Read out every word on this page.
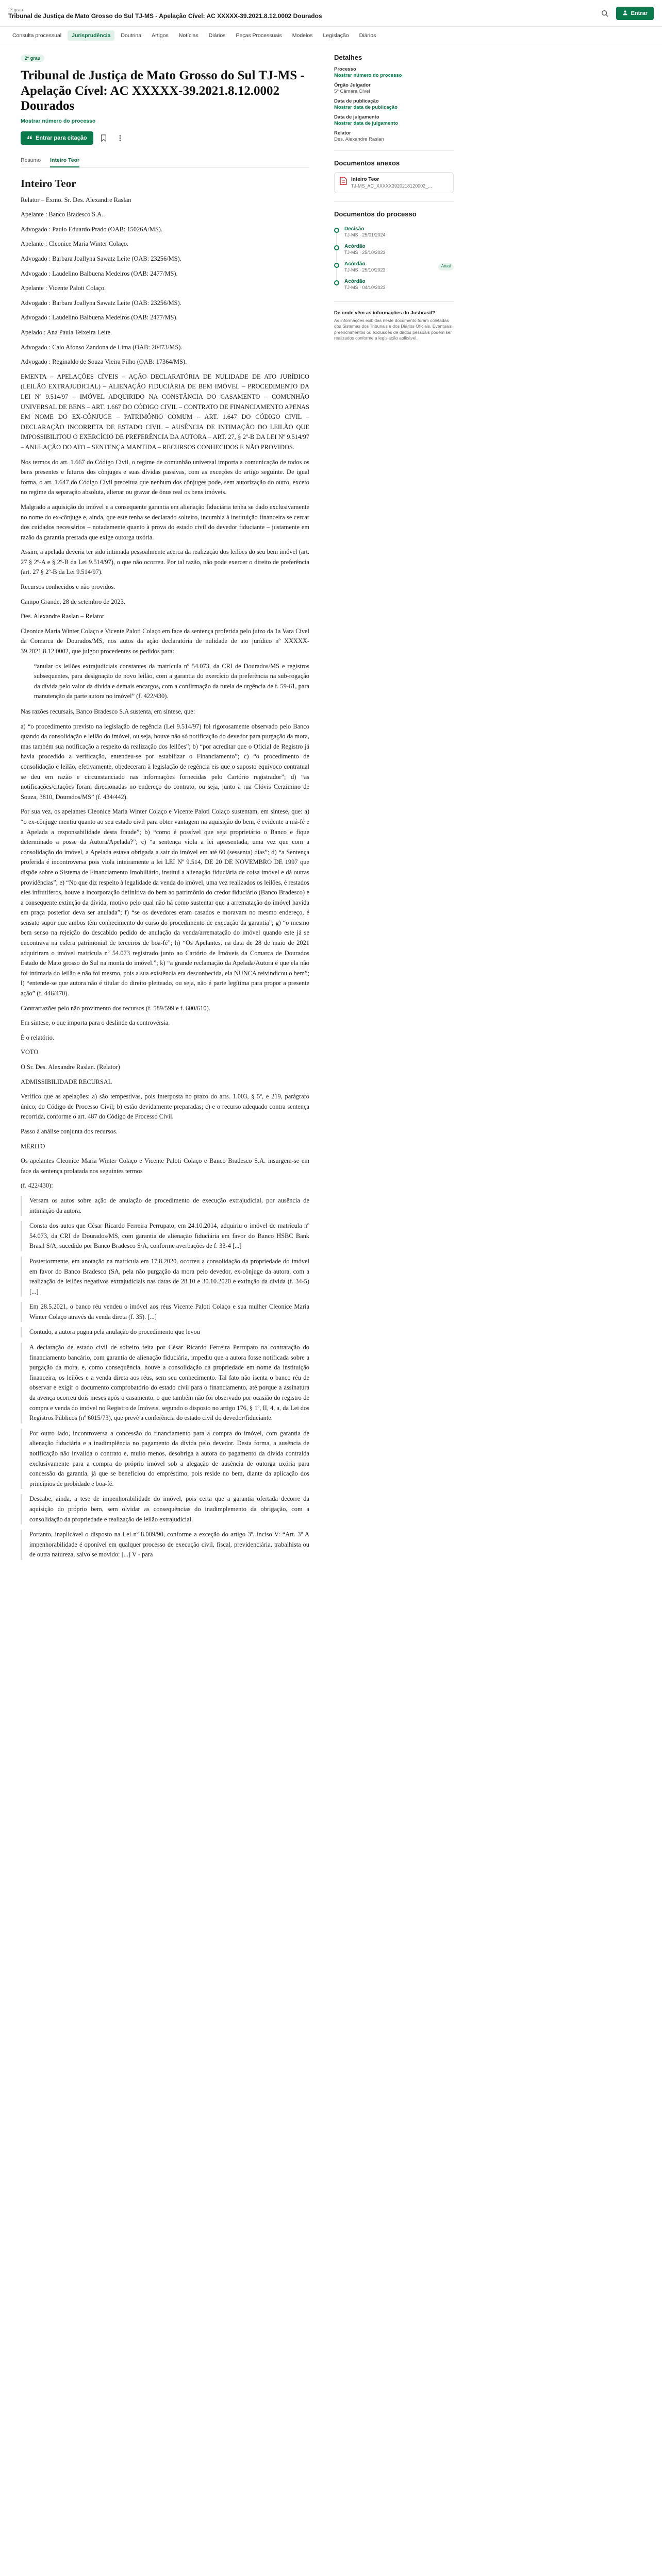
2º grau
Tribunal de Justiça de Mato Grosso do Sul TJ-MS - Apelação Cível: AC XXXXX-39.2021.8.12.0002 Dourados	Entrar
Consulta processual	Jurisprudência	Doutrina	Artigos	Notícias	Diários	Peças Processuais	Modelos	Legislação	Diários
2º grau
Tribunal de Justiça de Mato Grosso do Sul TJ-MS - Apelação Cível: AC XXXXX-39.2021.8.12.0002 Dourados
Mostrar número do processo
Entrar para citação
Resumo Inteiro Teor
Inteiro Teor

Relator – Exmo. Sr. Des. Alexandre Raslan

Apelante : Banco Bradesco S.A..

Advogado : Paulo Eduardo Prado (OAB: 15026A/MS).

Apelante : Cleonice Maria Winter Colaço.

Advogado : Barbara Joallyna Sawatz Leite (OAB: 23256/MS).

Advogado : Laudelino Balbuena Medeiros (OAB: 2477/MS).

Apelante : Vicente Paloti Colaço.

Advogado : Barbara Joallyna Sawatz Leite (OAB: 23256/MS).

Advogado : Laudelino Balbuena Medeiros (OAB: 2477/MS).

Apelado : Ana Paula Teixeira Leite.

Advogado : Caio Afonso Zandona de Lima (OAB: 20473/MS).

Advogado : Reginaldo de Souza Vieira Filho (OAB: 17364/MS).

EMENTA – APELAÇÕES CÍVEIS – AÇÃO DECLARATÓRIA DE NULIDADE DE ATO JURÍDICO (LEILÃO EXTRAJUDICIAL) – ALIENAÇÃO FIDUCIÁRIA DE BEM IMÓVEL – PROCEDIMENTO DA LEI Nº 9.514/97 – IMÓVEL ADQUIRIDO NA CONSTÂNCIA DO CASAMENTO – COMUNHÃO UNIVERSAL DE BENS – ART. 1.667 DO CÓDIGO CIVIL – CONTRATO DE FINANCIAMENTO APENAS EM NOME DO EX-CÔNJUGE – PATRIMÔNIO COMUM – ART. 1.647 DO CÓDIGO CIVIL – DECLARAÇÃO INCORRETA DE ESTADO CIVIL – AUSÊNCIA DE INTIMAÇÃO DO LEILÃO QUE IMPOSSIBILITOU O EXERCÍCIO DE PREFERÊNCIA DA AUTORA – ART. 27, § 2º-B DA LEI Nº 9.514/97 – ANULAÇÃO DO ATO – SENTENÇA MANTIDA – RECURSOS CONHECIDOS E NÃO PROVIDOS.

Nos termos do art. 1.667 do Código Civil, o regime de comunhão universal importa a comunicação de todos os bens presentes e futuros dos cônjuges e suas dívidas passivas, com as exceções do artigo seguinte. De igual forma, o art. 1.647 do Código Civil preceitua que nenhum dos cônjuges pode, sem autorização do outro, exceto no regime da separação absoluta, alienar ou gravar de ônus real os bens imóveis.

Malgrado a aquisição do imóvel e a consequente garantia em alienação fiduciária tenha se dado exclusivamente no nome do ex-cônjuge e, ainda, que este tenha se declarado solteiro, incumbia à instituição financeira se cercar dos cuidados necessários – notadamente quanto à prova do estado civil do devedor fiduciante – justamente em razão da garantia prestada que exige outorga uxória.

Assim, a apelada deveria ter sido intimada pessoalmente acerca da realização dos leilões do seu bem imóvel (art. 27 § 2º-A e § 2º-B da Lei 9.514/97), o que não ocorreu. Por tal razão, não pode exercer o direito de preferência (art. 27 § 2º-B da Lei 9.514/97).

Recursos conhecidos e não providos.

Campo Grande, 28 de setembro de 2023.

Des. Alexandre Raslan – Relator

Cleonice Maria Winter Colaço e Vicente Paloti Colaço em face da sentença proferida pelo juízo da 1a Vara Cível da Comarca de Dourados/MS, nos autos da ação declaratória de nulidade de ato jurídico nº XXXXX-39.2021.8.12.0002, que julgou procedentes os pedidos para:

“anular os leilões extrajudiciais constantes da matrícula nº 54.073, da CRI de Dourados/MS e registros subsequentes, para designação de novo leilão, com a garantia do exercício da preferência na sub-rogação da dívida pelo valor da dívida e demais encargos, com a confirmação da tutela de urgência de f. 59-61, para manutenção da parte autora no imóvel” (f. 422/430).

Nas razões recursais, Banco Bradesco S.A sustenta, em síntese, que:

a) “o procedimento previsto na legislação de regência (Lei 9.514/97) foi rigorosamente observado pelo Banco quando da consolidação e leilão do imóvel, ou seja, houve não só notificação do devedor para purgação da mora, mas também sua notificação a respeito da realização dos leilões”; b) “por acreditar que o Oficial de Registro já havia procedido a verificação, entendeu-se por estabilizar o Financiamento”; c) “o procedimento de consolidação e leilão, efetivamente, obedeceram à legislação de regência eis que o suposto equívoco contratual se deu em razão e circunstanciado nas informações fornecidas pelo Cartório registrador”; d) “as notificações/citações foram direcionadas no endereço do contrato, ou seja, junto à rua Clóvis Cerzimino de Souza, 3810, Dourados/MS” (f. 434/442).

Por sua vez, os apelantes Cleonice Maria Winter Colaço e Vicente Paloti Colaço sustentam, em síntese, que: a) “o ex-cônjuge mentiu quanto ao seu estado civil para obter vantagem na aquisição do bem, é evidente a má-fé e a Apelada a responsabilidade desta fraude”; b) “como é possível que seja proprietário o Banco e fique determinado a posse da Autora/Apelada?”; c) “a sentença viola a lei apresentada, uma vez que com a consolidação do imóvel, a Apelada estava obrigada a sair do imóvel em até 60 (sessenta) dias”; d) “a Sentença proferida é incontroversa pois viola inteiramente a lei LEI Nº 9.514, DE 20 DE NOVEMBRO DE 1997 que dispõe sobre o Sistema de Financiamento Imobiliário, institui a alienação fiduciária de coisa imóvel e dá outras providências”; e) “No que diz respeito à legalidade da venda do imóvel, uma vez realizados os leilões, é restados eles infrutíferos, houve a incorporação definitiva do bem ao patrimônio do credor fiduciário (Banco Bradesco) e a consequente extinção da dívida, motivo pelo qual não há como sustentar que a arrematação do imóvel havida em praça posterior deva ser anulada”; f) “se os devedores eram casados e moravam no mesmo endereço, é sensato supor que ambos têm conhecimento do curso do procedimento de execução da garantia”; g) “o mesmo bem senso na rejeição do descabido pedido de anulação da venda/arrematação do imóvel quando este já se encontrava na esfera patrimonial de terceiros de boa-fé”; h) “Os Apelantes, na data de 28 de maio de 2021 adquiriram o imóvel matrícula nº 54.073 registrado junto ao Cartório de Imóveis da Comarca de Dourados Estado de Mato grosso do Sul na monta do imóvel.”; k) “a grande reclamação da Apelada/Autora é que ela não foi intimada do leilão e não foi mesmo, pois a sua existência era desconhecida, ela NUNCA reivindicou o bem”; l) “entende-se que autora não é titular do direito pleiteado, ou seja, não é parte legítima para propor a presente ação” (f. 446/470).

Contrarrazões pelo não provimento dos recursos (f. 589/599 e f. 600/610).

Em síntese, o que importa para o deslinde da controvérsia.

É o relatório.

VOTO

O Sr. Des. Alexandre Raslan. (Relator)

ADMISSIBILIDADE RECURSAL

Verifico que as apelações: a) são tempestivas, pois interposta no prazo do arts. 1.003, § 5º, e 219, parágrafo único, do Código de Processo Civil; b) estão devidamente preparadas; c) e o recurso adequado contra sentença recorrida, conforme o art. 487 do Código de Processo Civil.

Passo à análise conjunta dos recursos.

MÉRITO

Os apelantes Cleonice Maria Winter Colaço e Vicente Paloti Colaço e Banco Bradesco S.A. insurgem-se em face da sentença prolatada nos seguintes termos

(f. 422/430):

Versam os autos sobre ação de anulação de procedimento de execução extrajudicial, por ausência de intimação da autora.
Consta dos autos que César Ricardo Ferreira Perrupato, em 24.10.2014, adquiriu o imóvel de matrícula nº 54.073, da CRI de Dourados/MS, com garantia de alienação fiduciária em favor do Banco HSBC Bank Brasil S/A, sucedido por Banco Bradesco S/A, conforme averbações de f. 33-4 [...]
Posteriormente, em anotação na matrícula em 17.8.2020, ocorreu a consolidação da propriedade do imóvel em favor do Banco Bradesco (SA, pela não purgação da mora pelo devedor, ex-cônjuge da autora, com a realização de leilões negativos extrajudiciais nas datas de 28.10 e 30.10.2020 e extinção da dívida (f. 34-5) [...]
Em 28.5.2021, o banco réu vendeu o imóvel aos réus Vicente Paloti Colaço e sua mulher Cleonice Maria Winter Colaço através da venda direta (f. 35). [...]
Contudo, a autora pugna pela anulação do procedimento que levou
A declaração de estado civil de solteiro feita por César Ricardo Ferreira Perrupato na contratação do financiamento bancário, com garantia de alienação fiduciária, impediu que a autora fosse notificada sobre a purgação da mora, e, como consequência, houve a consolidação da propriedade em nome da instituição financeira, os leilões e a venda direta aos réus, sem seu conhecimento. Tal fato não isenta o banco réu de observar e exigir o documento comprobatório do estado civil para o financiamento, até porque a assinatura da avença ocorreu dois meses após o casamento, o que também não foi observado por ocasião do registro de compra e venda do imóvel no Registro de Imóveis, segundo o disposto no artigo 176, § 1º, II, 4, a, da Lei dos Registros Públicos (nº 6015/73), que prevê a conferência do estado civil do devedor/fiduciante.
Por outro lado, incontroversa a concessão do financiamento para a compra do imóvel, com garantia de alienação fiduciária e a inadimplência no pagamento da dívida pelo devedor. Desta forma, a ausência de notificação não invalida o contrato e, muito menos, desobriga a autora do pagamento da dívida contraída exclusivamente para a compra do próprio imóvel sob a alegação de ausência de outorga uxória para concessão da garantia, já que se beneficiou do empréstimo, pois reside no bem, diante da aplicação dos princípios de probidade e boa-fé.
Descabe, ainda, a tese de impenhorabilidade do imóvel, pois certa que a garantia ofertada decorre da aquisição do próprio bem, sem olvidar as consequências do inadimplemento da obrigação, com a consolidação da propriedade e realização de leilão extrajudicial.
Portanto, inaplicável o disposto na Lei nº 8.009/90, conforme a exceção do artigo 3º, inciso V: “Art. 3º A impenhorabilidade é oponível em qualquer processo de execução civil, fiscal, previdenciária, trabalhista ou de outra natureza, salvo se movido: [...] V - para
Detalhes
Processo
Mostrar número do processo
Órgão Julgador
5ª Câmara Cível
Data de publicação
Mostrar data de publicação
Data de julgamento
Mostrar data de julgamento
Relator
Des. Alexandre Raslan
Documentos anexos
Inteiro Teor
TJ-MS_AC_XXXXX3920218120002_...
Documentos do processo
Decisão
TJ-MS · 25/01/2024
Acórdão
TJ-MS · 25/10/2023
Acórdão
TJ-MS · 25/10/2023
Atual
Acórdão
TJ-MS · 04/10/2023
De onde vêm as informações do Jusbrasil?
As informações exibidas neste documento foram coletadas dos Sistemas dos Tribunais e dos Diários Oficiais. Eventuais preenchimentos ou exclusões de dados pessoais podem ser realizados conforme a legislação aplicável.
